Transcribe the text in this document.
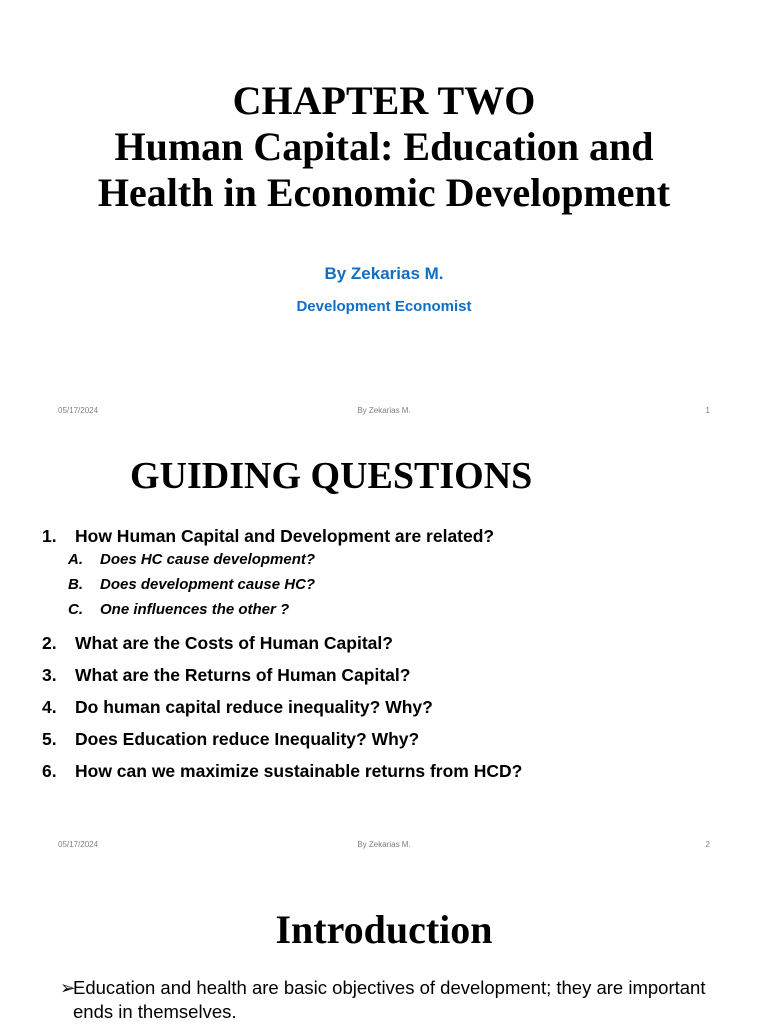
CHAPTER TWO
Human Capital: Education and
Health in Economic Development
By Zekarias M.
Development Economist
05/17/2024	By Zekarias M.	1
GUIDING QUESTIONS
1.	How Human Capital and Development are related?
A. Does HC cause development?
B. Does development cause HC?
C. One influences the other ?
2.	What are the Costs of Human Capital?
3.	What are the Returns of Human Capital?
4.	Do human capital reduce inequality? Why?
5.	Does Education reduce Inequality? Why?
6.	How can we maximize sustainable returns from HCD?
05/17/2024	By Zekarias M.	2
Introduction
➢
Education and health are basic objectives of development; they are important ends in themselves.
